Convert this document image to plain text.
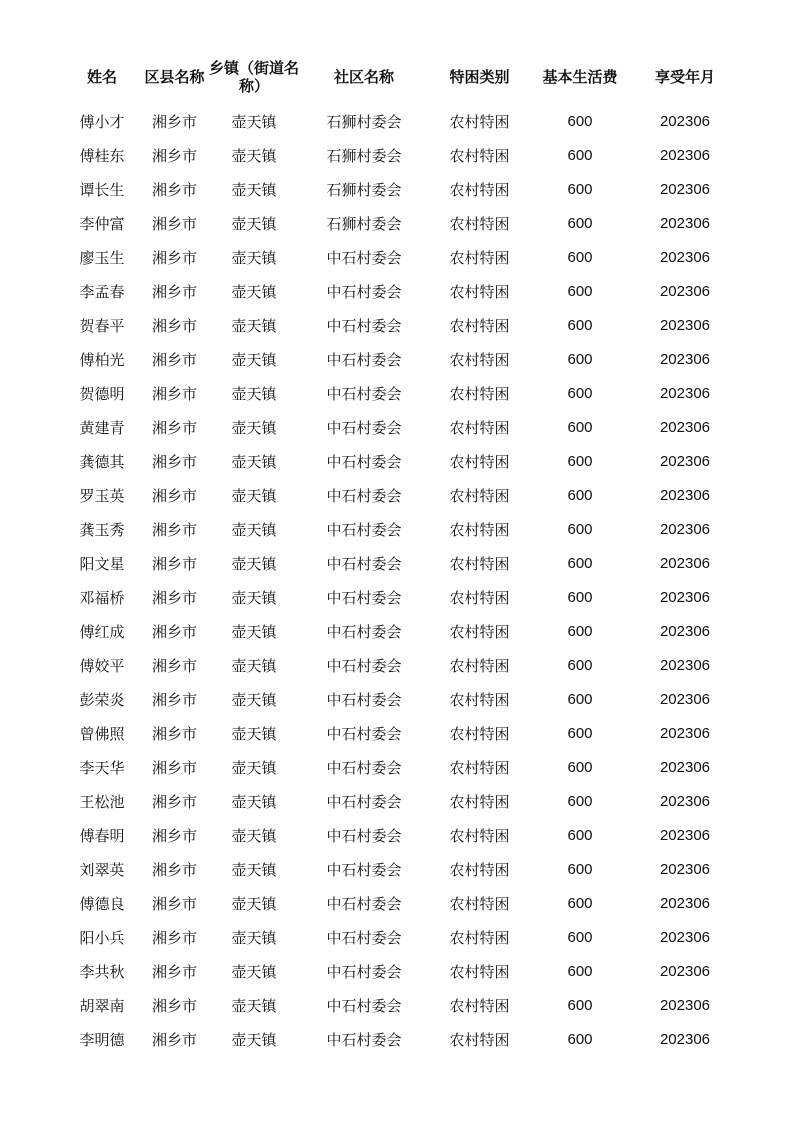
姓名	区县名称	乡镇（街道名称）	社区名称	特困类别	基本生活费	享受年月
傅小才	湘乡市	壶天镇	石狮村委会	农村特困	600	202306
傅桂东	湘乡市	壶天镇	石狮村委会	农村特困	600	202306
谭长生	湘乡市	壶天镇	石狮村委会	农村特困	600	202306
李仲富	湘乡市	壶天镇	石狮村委会	农村特困	600	202306
廖玉生	湘乡市	壶天镇	中石村委会	农村特困	600	202306
李孟春	湘乡市	壶天镇	中石村委会	农村特困	600	202306
贺春平	湘乡市	壶天镇	中石村委会	农村特困	600	202306
傅柏光	湘乡市	壶天镇	中石村委会	农村特困	600	202306
贺德明	湘乡市	壶天镇	中石村委会	农村特困	600	202306
黄建青	湘乡市	壶天镇	中石村委会	农村特困	600	202306
龚德其	湘乡市	壶天镇	中石村委会	农村特困	600	202306
罗玉英	湘乡市	壶天镇	中石村委会	农村特困	600	202306
龚玉秀	湘乡市	壶天镇	中石村委会	农村特困	600	202306
阳文星	湘乡市	壶天镇	中石村委会	农村特困	600	202306
邓福桥	湘乡市	壶天镇	中石村委会	农村特困	600	202306
傅红成	湘乡市	壶天镇	中石村委会	农村特困	600	202306
傅姣平	湘乡市	壶天镇	中石村委会	农村特困	600	202306
彭荣炎	湘乡市	壶天镇	中石村委会	农村特困	600	202306
曾佛照	湘乡市	壶天镇	中石村委会	农村特困	600	202306
李天华	湘乡市	壶天镇	中石村委会	农村特困	600	202306
王松池	湘乡市	壶天镇	中石村委会	农村特困	600	202306
傅春明	湘乡市	壶天镇	中石村委会	农村特困	600	202306
刘翠英	湘乡市	壶天镇	中石村委会	农村特困	600	202306
傅德良	湘乡市	壶天镇	中石村委会	农村特困	600	202306
阳小兵	湘乡市	壶天镇	中石村委会	农村特困	600	202306
李共秋	湘乡市	壶天镇	中石村委会	农村特困	600	202306
胡翠南	湘乡市	壶天镇	中石村委会	农村特困	600	202306
李明德	湘乡市	壶天镇	中石村委会	农村特困	600	202306
